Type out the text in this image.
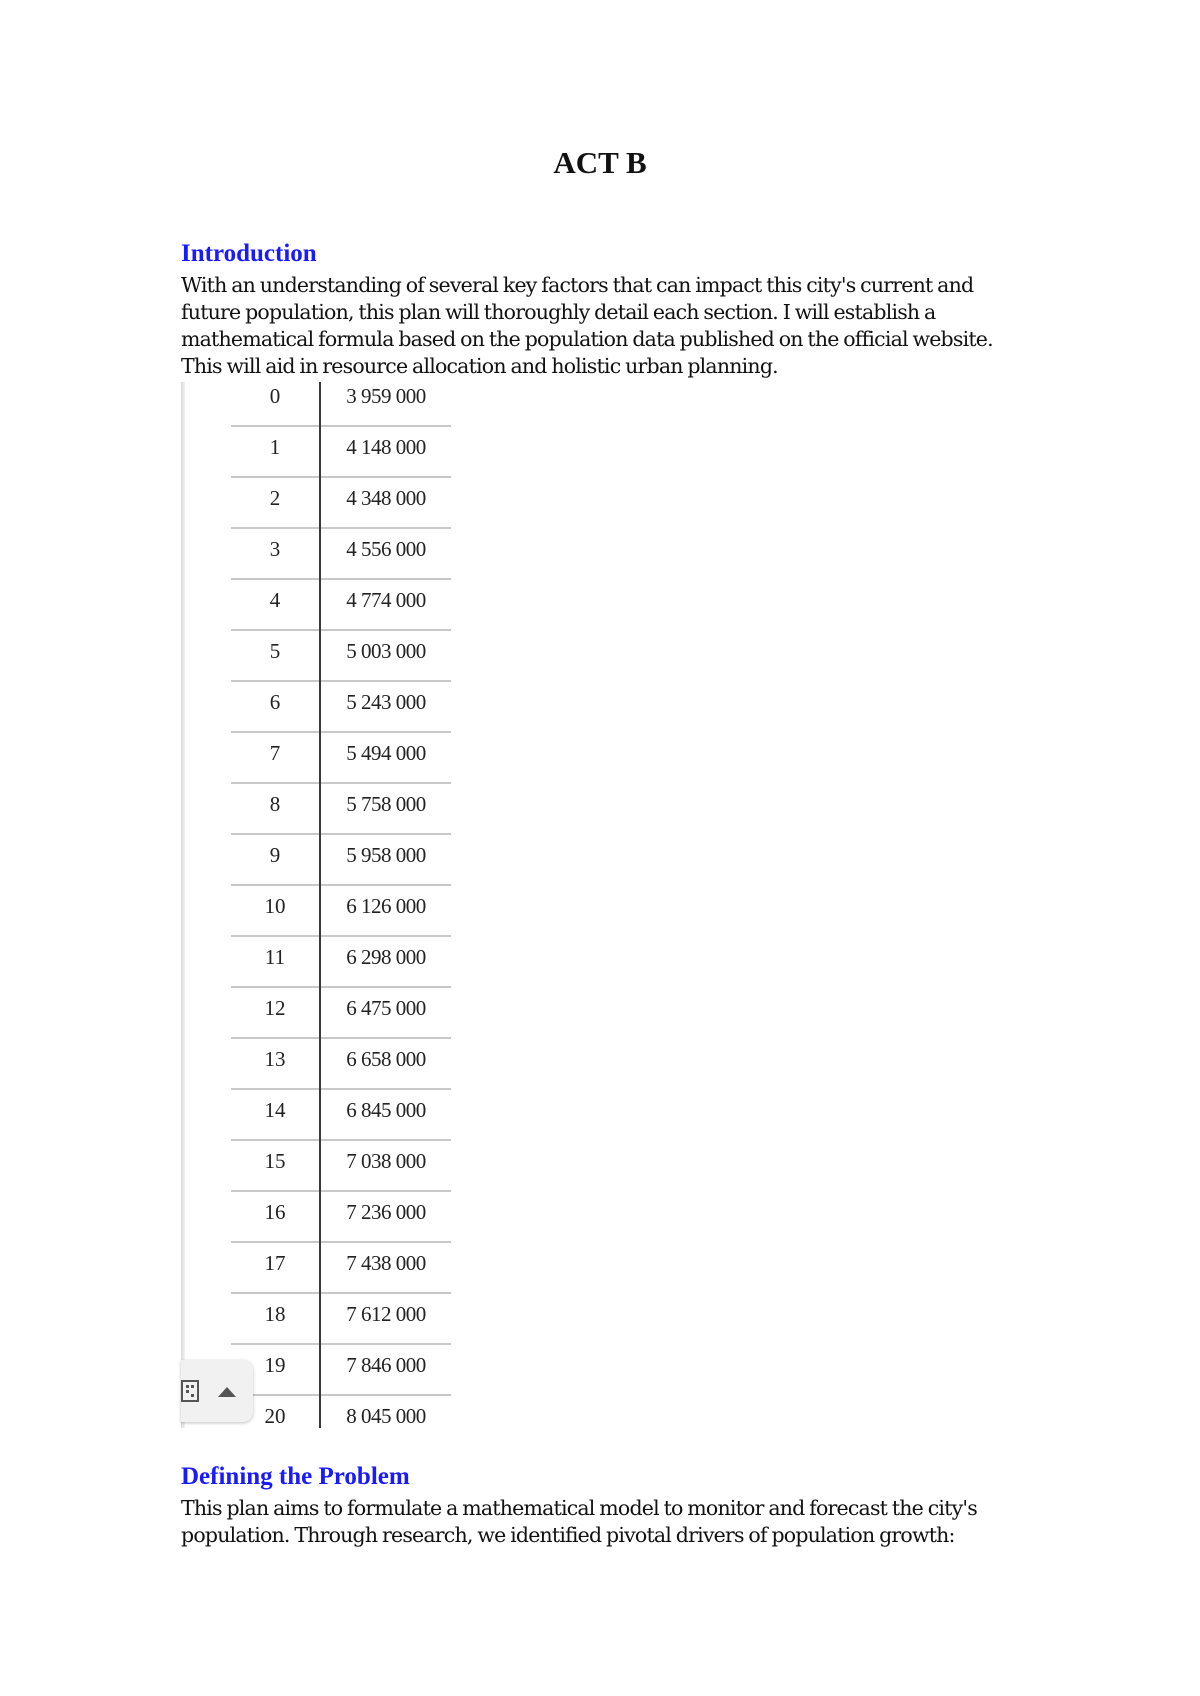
ACT B
Introduction
With an understanding of several key factors that can impact this city's current and
future population, this plan will thoroughly detail each section. I will establish a
mathematical formula based on the population data published on the official website.
This will aid in resource allocation and holistic urban planning.
0	3 959 000
1	4 148 000
2	4 348 000
3	4 556 000
4	4 774 000
5	5 003 000
6	5 243 000
7	5 494 000
8	5 758 000
9	5 958 000
10	6 126 000
11	6 298 000
12	6 475 000
13	6 658 000
14	6 845 000
15	7 038 000
16	7 236 000
17	7 438 000
18	7 612 000
19	7 846 000
20	8 045 000
Defining the Problem
This plan aims to formulate a mathematical model to monitor and forecast the city's
population. Through research, we identified pivotal drivers of population growth:
